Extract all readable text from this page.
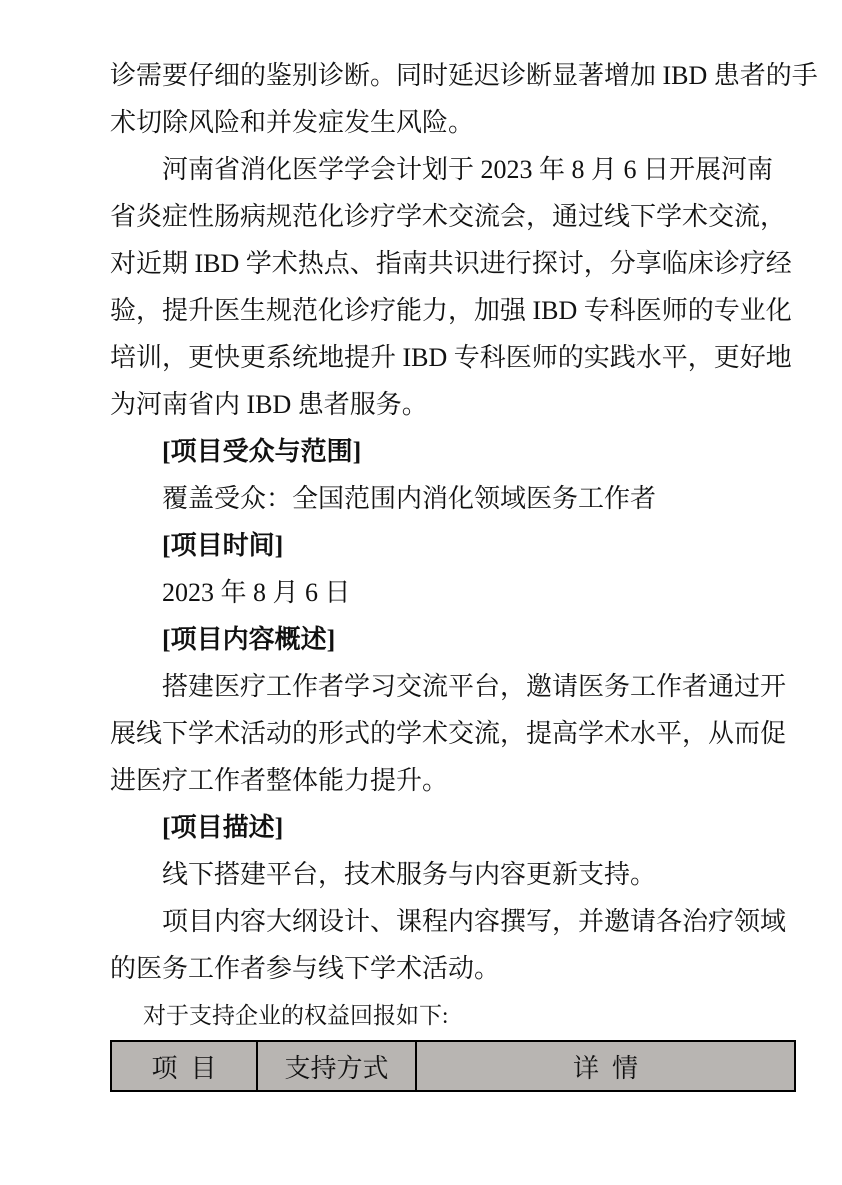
诊需要仔细的鉴别诊断。同时延迟诊断显著增加 IBD 患者的手
术切除风险和并发症发生风险。
河南省消化医学学会计划于 2023 年 8 月 6 日开展河南
省炎症性肠病规范化诊疗学术交流会，通过线下学术交流，
对近期 IBD 学术热点、指南共识进行探讨，分享临床诊疗经
验，提升医生规范化诊疗能力，加强 IBD 专科医师的专业化
培训，更快更系统地提升 IBD 专科医师的实践水平，更好地
为河南省内 IBD 患者服务。
[项目受众与范围]
覆盖受众：全国范围内消化领域医务工作者
[项目时间]
2023 年 8 月 6 日
[项目内容概述]
搭建医疗工作者学习交流平台，邀请医务工作者通过开
展线下学术活动的形式的学术交流，提高学术水平，从而促
进医疗工作者整体能力提升。
[项目描述]
线下搭建平台，技术服务与内容更新支持。
项目内容大纲设计、课程内容撰写，并邀请各治疗领域
的医务工作者参与线下学术活动。
对于支持企业的权益回报如下:
项  目	支持方式	详  情
